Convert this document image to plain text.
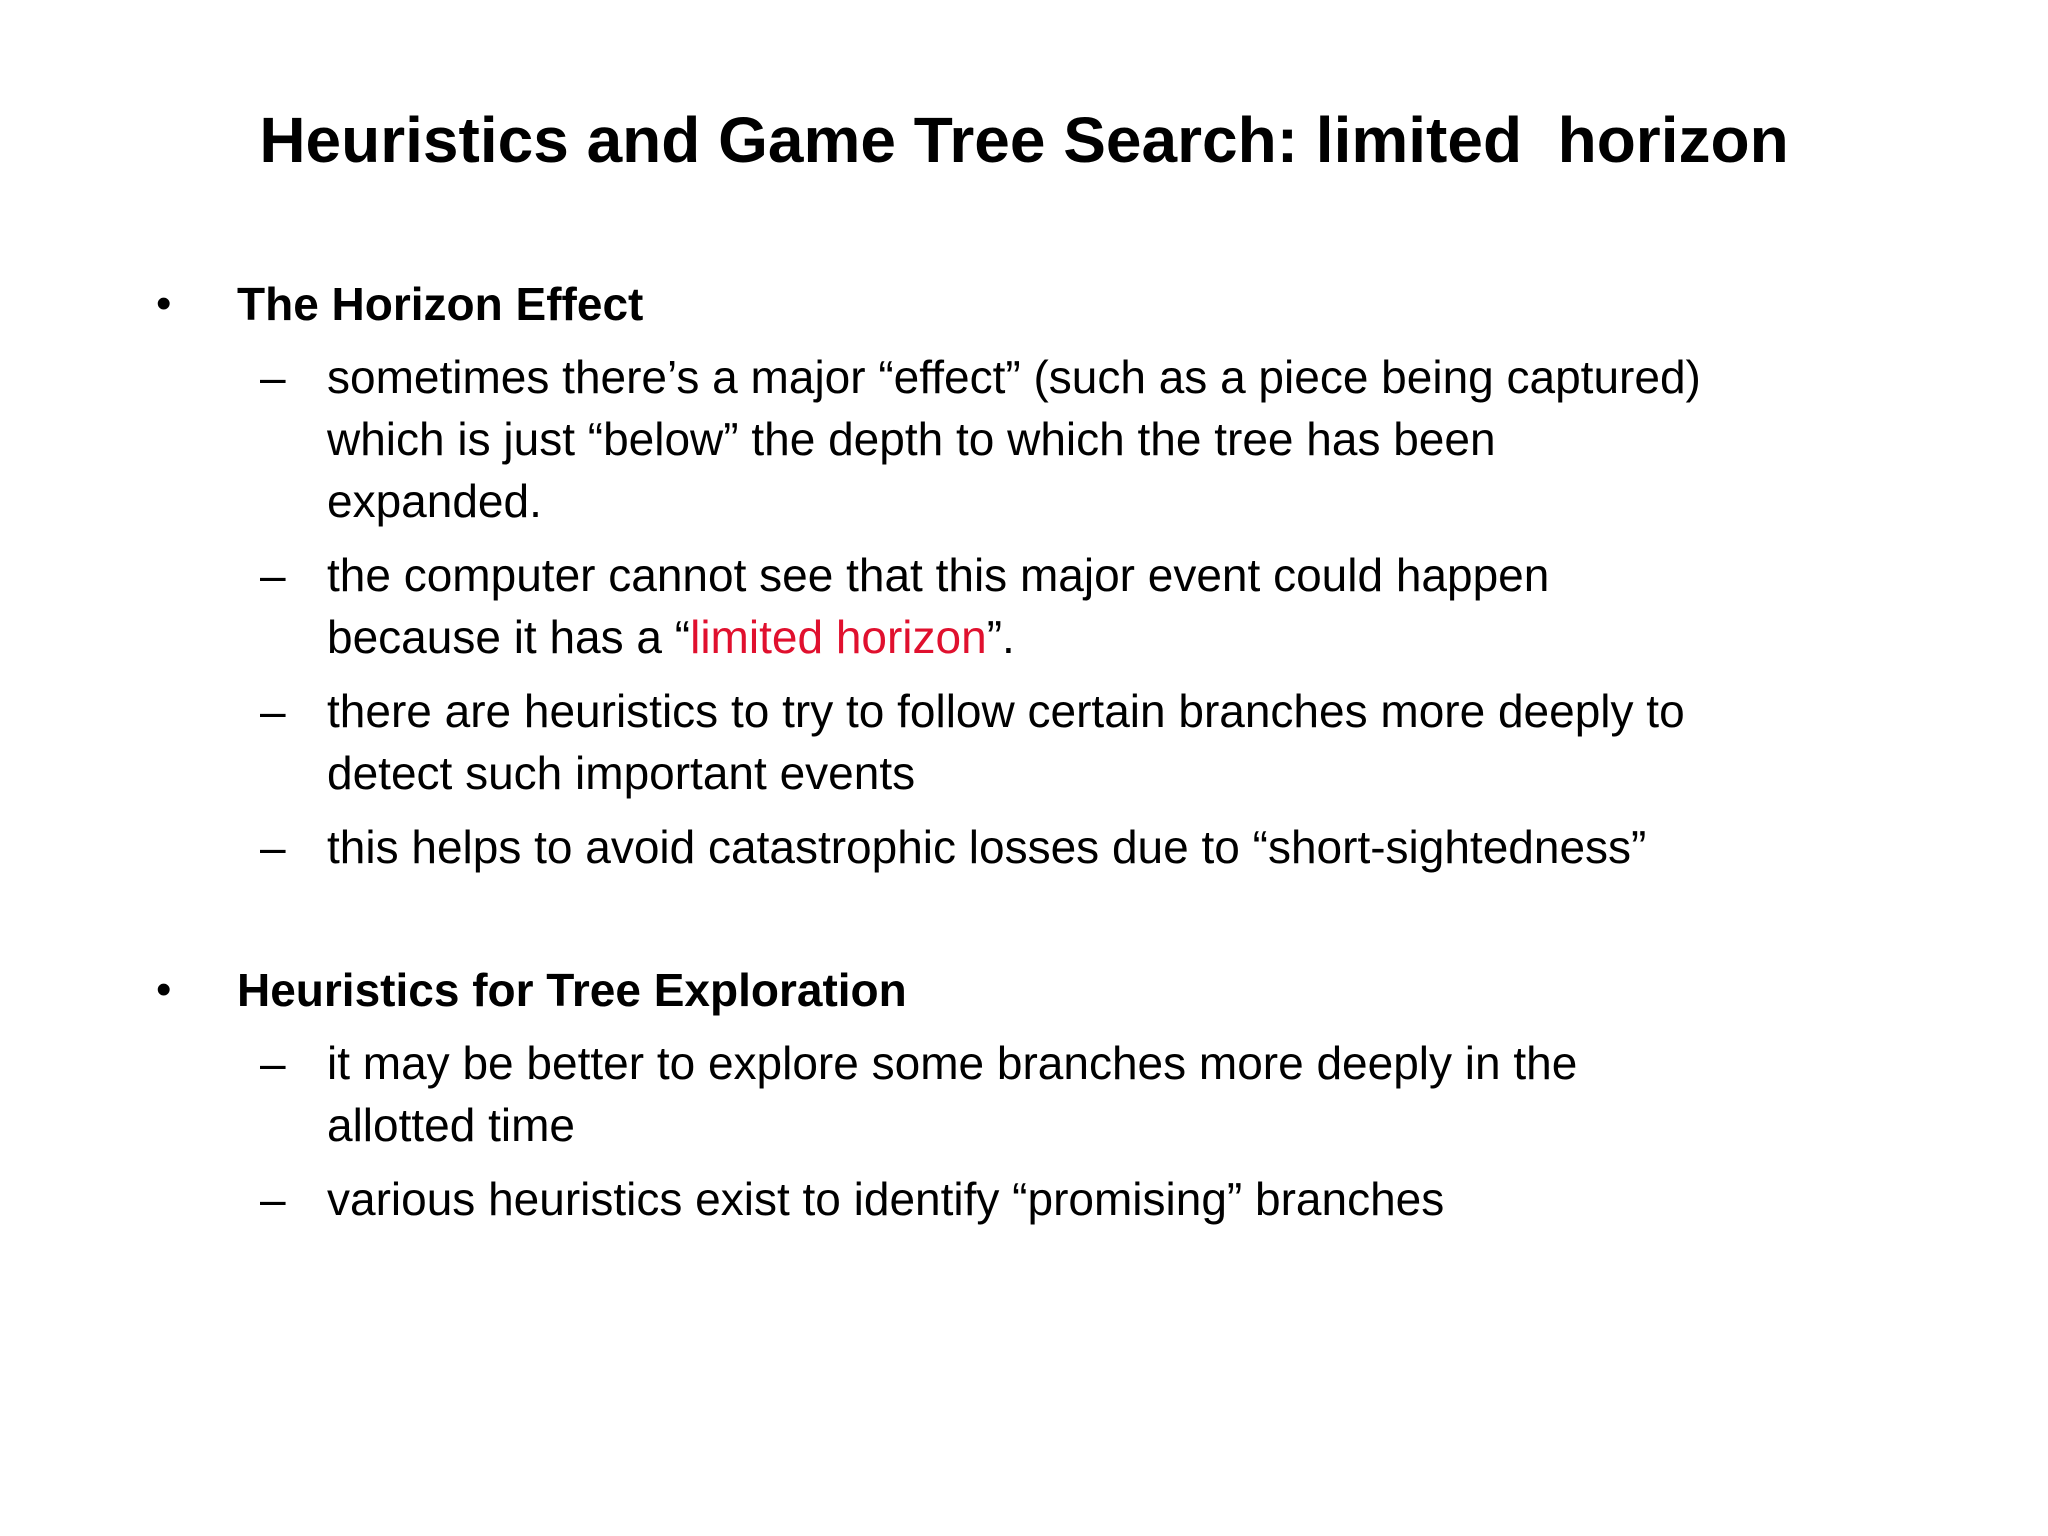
Heuristics and Game Tree Search: limited  horizon
• The Horizon Effect
– sometimes there’s a major “effect” (such as a piece being captured)
which is just “below” the depth to which the tree has been
expanded.
– the computer cannot see that this major event could happen
because it has a “limited horizon”.
– there are heuristics to try to follow certain branches more deeply to
detect such important events
– this helps to avoid catastrophic losses due to “short-sightedness”
• Heuristics for Tree Exploration
– it may be better to explore some branches more deeply in the
allotted time
– various heuristics exist to identify “promising” branches
